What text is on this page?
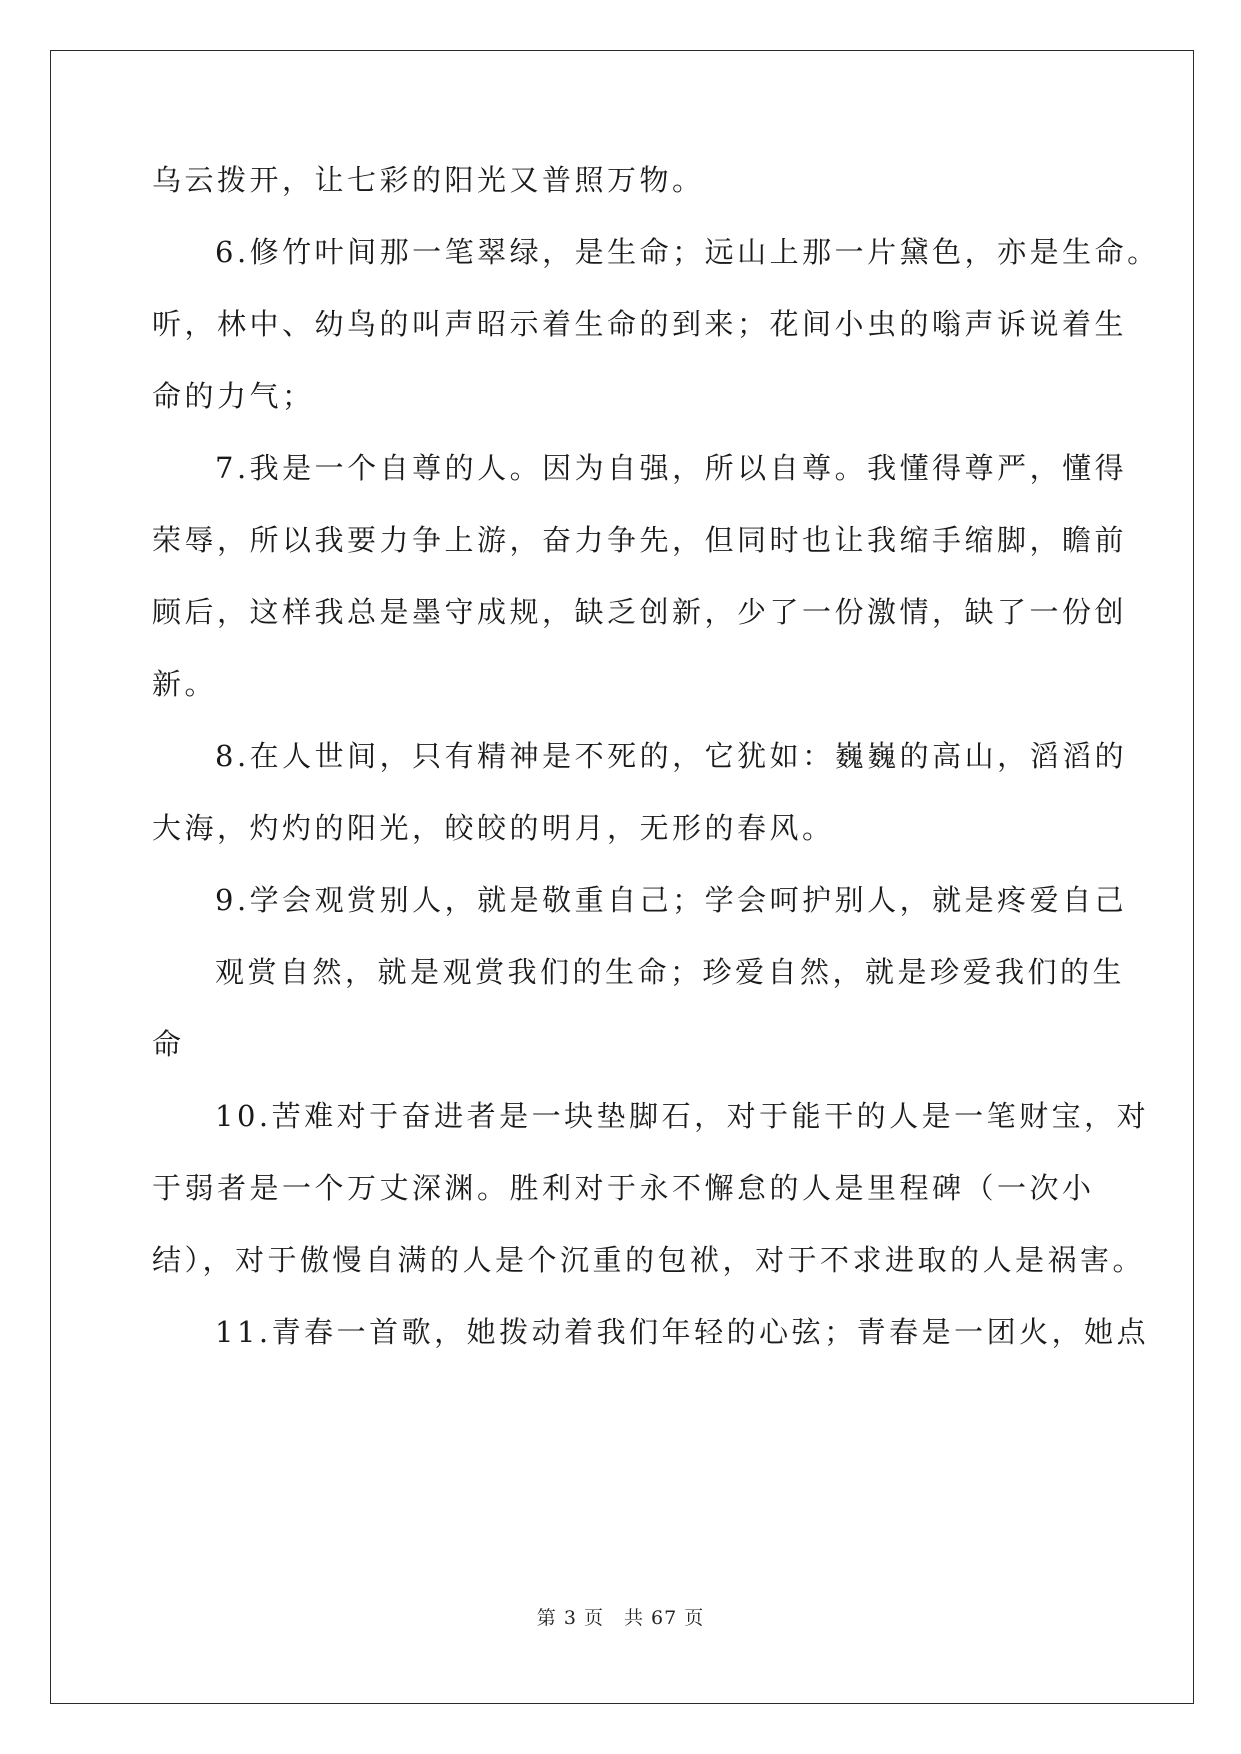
乌云拨开，让七彩的阳光又普照万物。
6.修竹叶间那一笔翠绿，是生命；远山上那一片黛色，亦是生命。
听，林中、幼鸟的叫声昭示着生命的到来；花间小虫的嗡声诉说着生
命的力气；
7.我是一个自尊的人。因为自强，所以自尊。我懂得尊严，懂得
荣辱，所以我要力争上游，奋力争先，但同时也让我缩手缩脚，瞻前
顾后，这样我总是墨守成规，缺乏创新，少了一份激情，缺了一份创
新。
8.在人世间，只有精神是不死的，它犹如：巍巍的高山，滔滔的
大海，灼灼的阳光，皎皎的明月，无形的春风。
9.学会观赏别人，就是敬重自己；学会呵护别人，就是疼爱自己
观赏自然，就是观赏我们的生命；珍爱自然，就是珍爱我们的生
命
10.苦难对于奋进者是一块垫脚石，对于能干的人是一笔财宝，对
于弱者是一个万丈深渊。胜利对于永不懈怠的人是里程碑（一次小
结），对于傲慢自满的人是个沉重的包袱，对于不求进取的人是祸害。
11.青春一首歌，她拨动着我们年轻的心弦；青春是一团火，她点
第 3 页　共 67 页
